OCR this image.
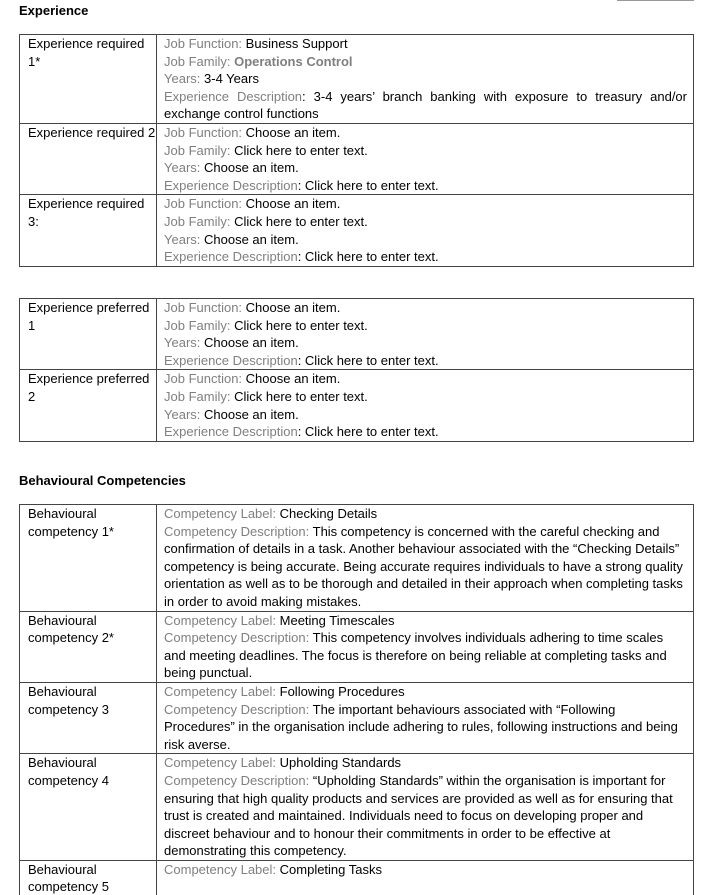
Experience
Experience required 1*	Job Function: Business Support
Job Family: Operations Control
Years: 3-4 Years
Experience Description: 3-4 years’ branch banking with exposure to treasury and/or exchange control functions

Experience required 2	Job Function: Choose an item.
Job Family: Click here to enter text.
Years: Choose an item.
Experience Description: Click here to enter text.

Experience required 3:	Job Function: Choose an item.
Job Family: Click here to enter text.
Years: Choose an item.
Experience Description: Click here to enter text.
Experience preferred 1	Job Function: Choose an item.
Job Family: Click here to enter text.
Years: Choose an item.
Experience Description: Click here to enter text.

Experience preferred 2	Job Function: Choose an item.
Job Family: Click here to enter text.
Years: Choose an item.
Experience Description: Click here to enter text.
Behavioural Competencies
Behavioural competency 1*	Competency Label: Checking Details
Competency Description: This competency is concerned with the careful checking and confirmation of details in a task. Another behaviour associated with the “Checking Details” competency is being accurate. Being accurate requires individuals to have a strong quality orientation as well as to be thorough and detailed in their approach when completing tasks in order to avoid making mistakes.

Behavioural competency 2*	Competency Label: Meeting Timescales
Competency Description: This competency involves individuals adhering to time scales and meeting deadlines. The focus is therefore on being reliable at completing tasks and being punctual.

Behavioural competency 3	Competency Label: Following Procedures
Competency Description: The important behaviours associated with “Following Procedures” in the organisation include adhering to rules, following instructions and being risk averse.

Behavioural competency 4	Competency Label: Upholding Standards
Competency Description: “Upholding Standards” within the organisation is important for ensuring that high quality products and services are provided as well as for ensuring that trust is created and maintained. Individuals need to focus on developing proper and discreet behaviour and to honour their commitments in order to be effective at demonstrating this competency.

Behavioural competency 5	Competency Label: Completing Tasks
